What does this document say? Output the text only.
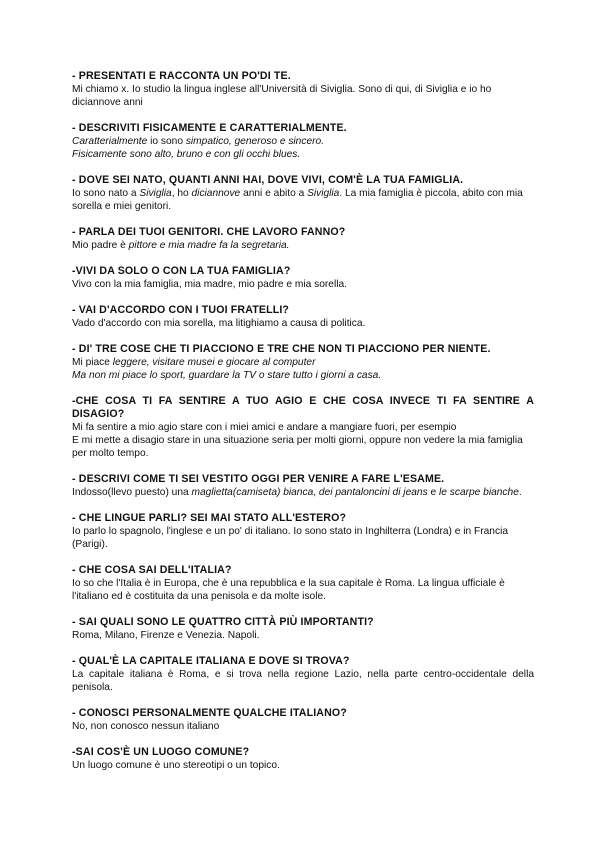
- PRESENTATI E RACCONTA UN PO'DI TE.

Mi chiamo x. Io studio la lingua inglese all'Università di Siviglia. Sono di qui, di Siviglia e io ho diciannove anni

- DESCRIVITI FISICAMENTE E CARATTERIALMENTE.

Caratterialmente io sono simpatico, generoso e sincero.
Fisicamente sono alto, bruno e con gli occhi blues.

- DOVE SEI NATO, QUANTI ANNI HAI, DOVE VIVI, COM'È LA TUA FAMIGLIA.

Io sono nato a Siviglia, ho diciannove anni e abito a Siviglia. La mia famiglia è piccola, abito con mia sorella e miei genitori.

- PARLA DEI TUOI GENITORI. CHE LAVORO FANNO?

Mio padre è pittore e mia madre fa la segretaria.

-VIVI DA SOLO O CON LA TUA FAMIGLIA?

Vivo con la mia famiglia, mia madre, mio padre e mia sorella.

- VAI D'ACCORDO CON I TUOI FRATELLI?

Vado d'accordo con mia sorella, ma litighiamo a causa di politica.

- DI' TRE COSE CHE TI PIACCIONO E TRE CHE NON TI PIACCIONO PER NIENTE.

Mi piace leggere, visitare musei e giocare al computer
Ma non mi piace lo sport, guardare la TV o stare tutto i giorni a casa.

-CHE COSA TI FA SENTIRE A TUO AGIO E CHE COSA INVECE TI FA SENTIRE A DISAGIO?

Mi fa sentire a mio agio stare con i miei amici e andare a mangiare fuori, per esempio
E mi mette a disagio stare in una situazione seria per molti giorni, oppure non vedere la mia famiglia per molto tempo.

- DESCRIVI COME TI SEI VESTITO OGGI PER VENIRE A FARE L'ESAME.

Indosso(llevo puesto) una maglietta(camiseta) bianca, dei pantaloncini di jeans e le scarpe bianche.

- CHE LINGUE PARLI? SEI MAI STATO ALL'ESTERO?

Io parlo lo spagnolo, l'inglese e un po' di italiano. Io sono stato in Inghilterra (Londra) e in Francia (Parigi).

- CHE COSA SAI DELL'ITALIA?

Io so che l'Italia è in Europa, che è una repubblica e la sua capitale è Roma. La lingua ufficiale è l'italiano ed è costituita da una penisola e da molte isole.

- SAI QUALI SONO LE QUATTRO CITTÀ PIÙ IMPORTANTI?

Roma, Milano, Firenze e Venezia. Napoli.

- QUAL'È LA CAPITALE ITALIANA E DOVE SI TROVA?

La capitale italiana è Roma, e si trova nella regione Lazio, nella parte centro-occidentale della penisola.

- CONOSCI PERSONALMENTE QUALCHE ITALIANO?

No, non conosco nessun italiano

-SAI COS'È UN LUOGO COMUNE?

Un luogo comune è uno stereotipi o un topico.
